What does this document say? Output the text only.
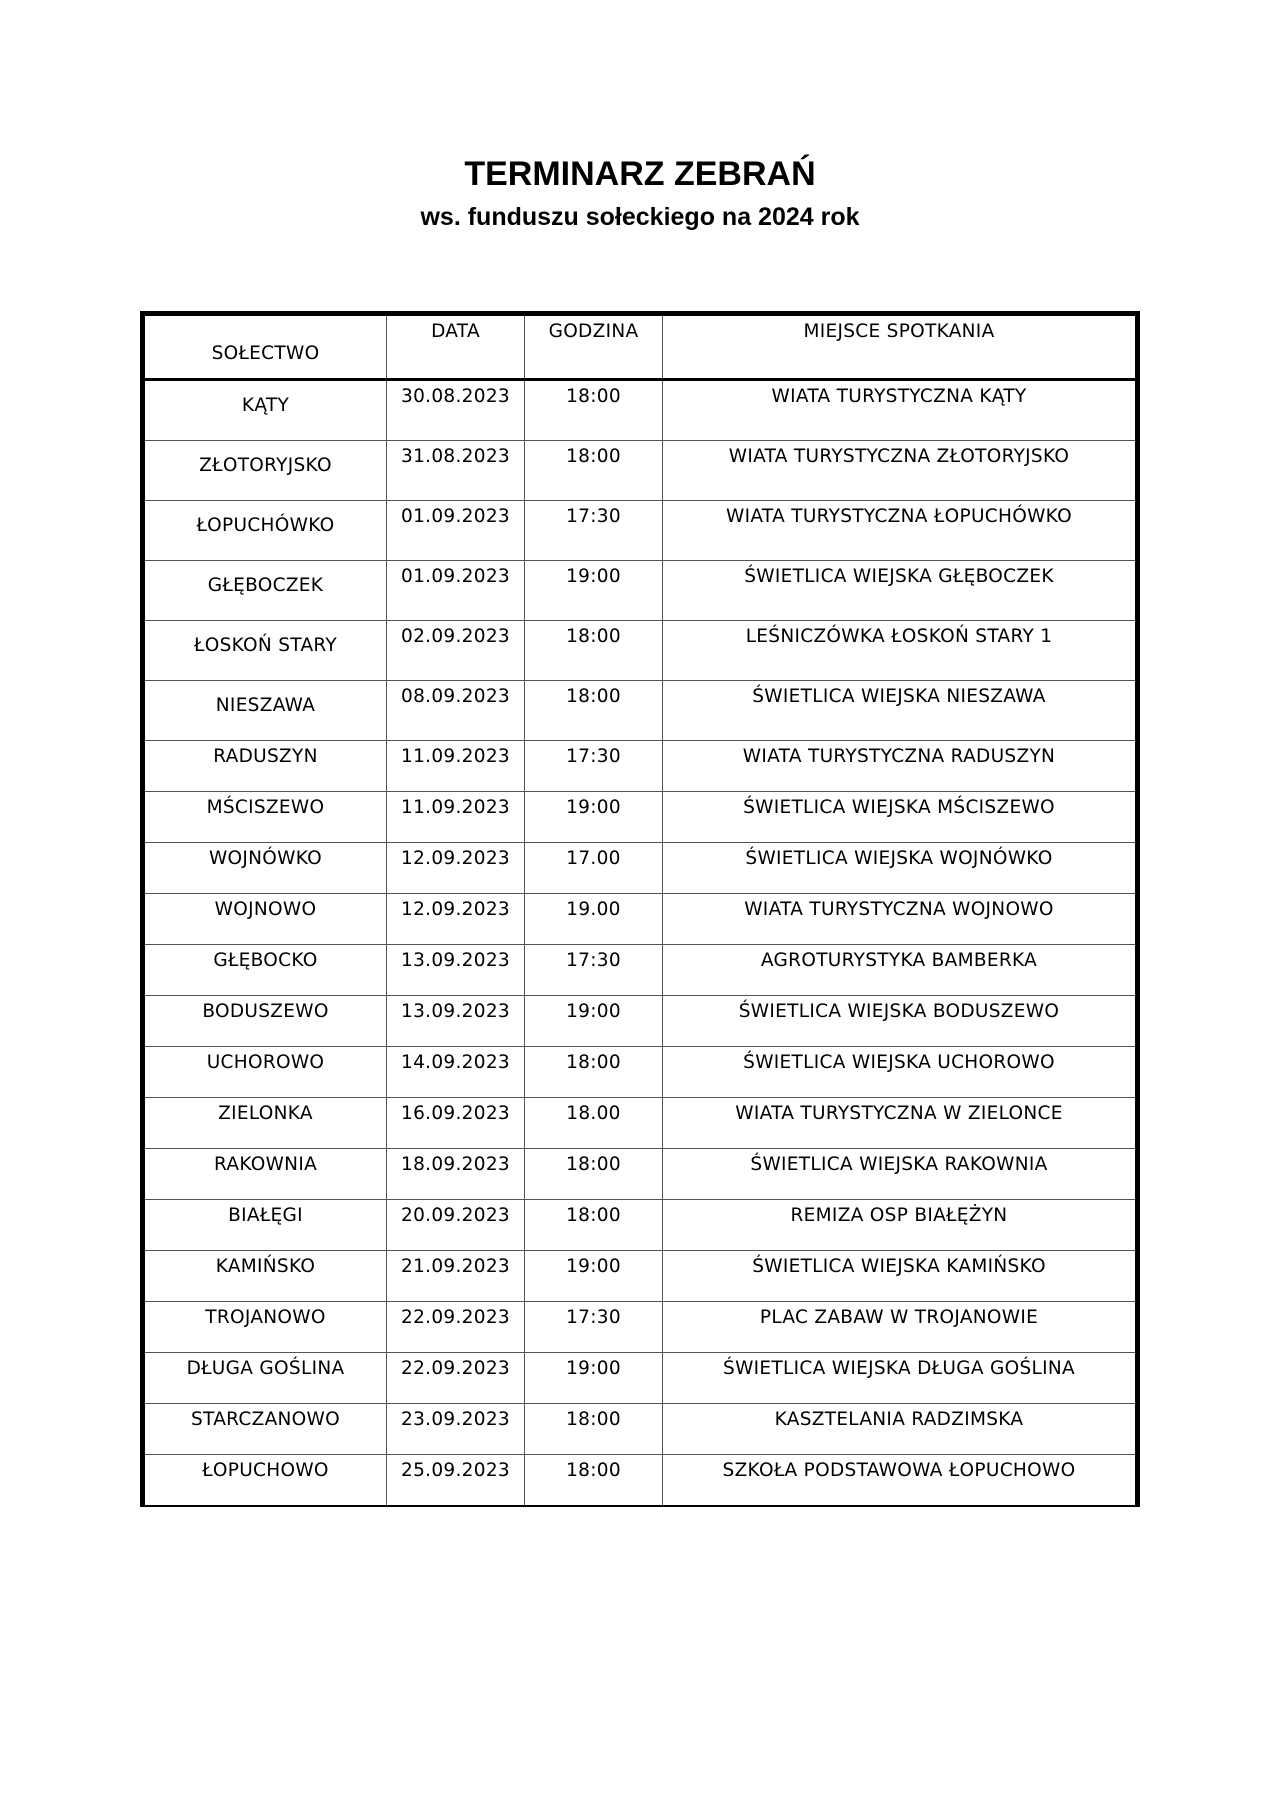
TERMINARZ ZEBRAŃ
ws. funduszu sołeckiego na 2024 rok
SOŁECTWO	DATA	GODZINA	MIEJSCE SPOTKANIA
KĄTY	30.08.2023	18:00	WIATA TURYSTYCZNA KĄTY
ZŁOTORYJSKO	31.08.2023	18:00	WIATA TURYSTYCZNA ZŁOTORYJSKO
ŁOPUCHÓWKO	01.09.2023	17:30	WIATA TURYSTYCZNA ŁOPUCHÓWKO
GŁĘBOCZEK	01.09.2023	19:00	ŚWIETLICA WIEJSKA GŁĘBOCZEK
ŁOSKOŃ STARY	02.09.2023	18:00	LEŚNICZÓWKA ŁOSKOŃ STARY 1
NIESZAWA	08.09.2023	18:00	ŚWIETLICA WIEJSKA NIESZAWA
RADUSZYN	11.09.2023	17:30	WIATA TURYSTYCZNA RADUSZYN
MŚCISZEWO	11.09.2023	19:00	ŚWIETLICA WIEJSKA MŚCISZEWO
WOJNÓWKO	12.09.2023	17.00	ŚWIETLICA WIEJSKA WOJNÓWKO
WOJNOWO	12.09.2023	19.00	WIATA TURYSTYCZNA WOJNOWO
GŁĘBOCKO	13.09.2023	17:30	AGROTURYSTYKA BAMBERKA
BODUSZEWO	13.09.2023	19:00	ŚWIETLICA WIEJSKA BODUSZEWO
UCHOROWO	14.09.2023	18:00	ŚWIETLICA WIEJSKA UCHOROWO
ZIELONKA	16.09.2023	18.00	WIATA TURYSTYCZNA W ZIELONCE
RAKOWNIA	18.09.2023	18:00	ŚWIETLICA WIEJSKA RAKOWNIA
BIAŁĘGI	20.09.2023	18:00	REMIZA OSP BIAŁĘŻYN
KAMIŃSKO	21.09.2023	19:00	ŚWIETLICA WIEJSKA KAMIŃSKO
TROJANOWO	22.09.2023	17:30	PLAC ZABAW W TROJANOWIE
DŁUGA GOŚLINA	22.09.2023	19:00	ŚWIETLICA WIEJSKA DŁUGA GOŚLINA
STARCZANOWO	23.09.2023	18:00	KASZTELANIA RADZIMSKA
ŁOPUCHOWO	25.09.2023	18:00	SZKOŁA PODSTAWOWA ŁOPUCHOWO
